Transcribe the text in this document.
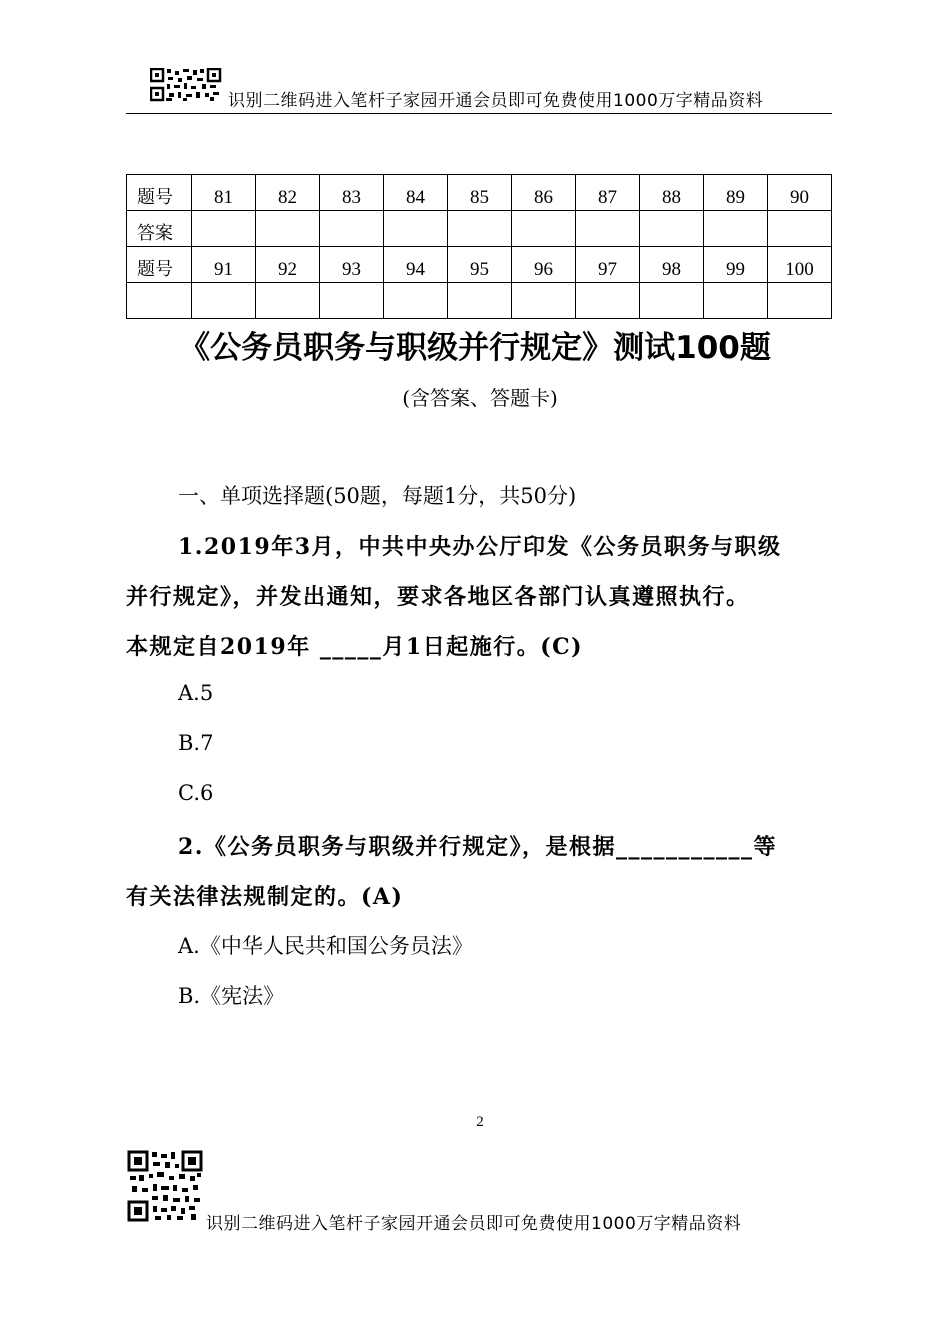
识别二维码进入笔杆子家园开通会员即可免费使用1000万字精品资料
题号	81	82	83	84	85	86	87	88	89	90
答案										
题号	91	92	93	94	95	96	97	98	99	100

《公务员职务与职级并行规定》测试100题
(含答案、答题卡)
一、单项选择题(50题，每题1分，共50分)
1.2019年3月，中共中央办公厅印发《公务员职务与职级
并行规定》，并发出通知，要求各地区各部门认真遵照执行。
本规定自2019年 _____月1日起施行。(C)
A.5
B.7
C.6
2.《公务员职务与职级并行规定》，是根据___________等
有关法律法规制定的。(A)
A.《中华人民共和国公务员法》
B.《宪法》
2
识别二维码进入笔杆子家园开通会员即可免费使用1000万字精品资料
